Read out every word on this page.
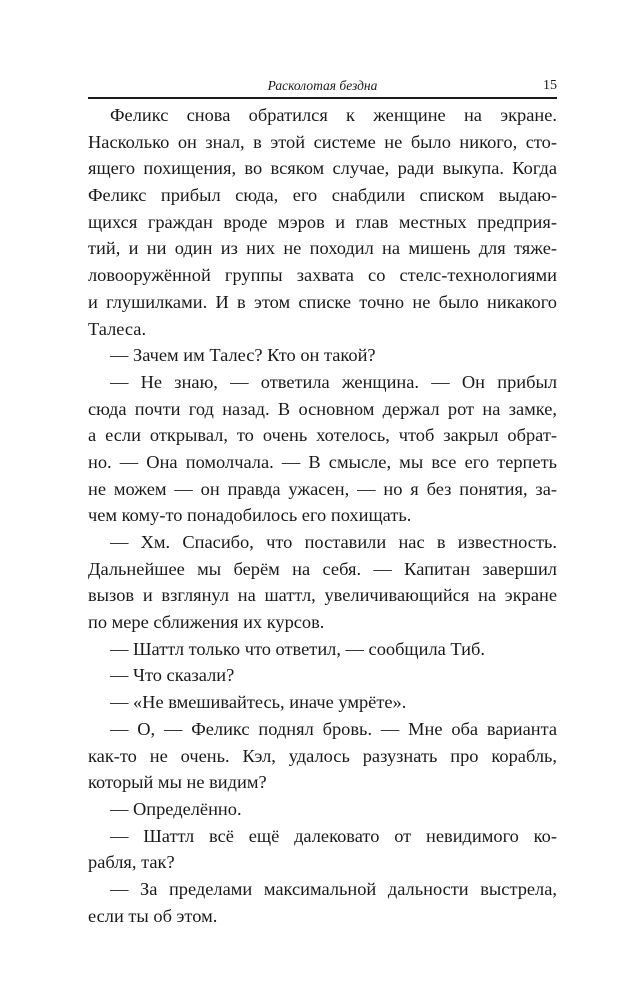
Расколотая бездна	15
Феликс снова обратился к женщине на экране.
Насколько он знал, в этой системе не было никого, сто-
ящего похищения, во всяком случае, ради выкупа. Когда
Феликс прибыл сюда, его снабдили списком выдаю-
щихся граждан вроде мэров и глав местных предприя-
тий, и ни один из них не походил на мишень для тяже-
ловооружённой группы захвата со стелс-технологиями
и глушилками. И в этом списке точно не было никакого
Талеса.
— Зачем им Талес? Кто он такой?
— Не знаю, — ответила женщина. — Он прибыл
сюда почти год назад. В основном держал рот на замке,
а если открывал, то очень хотелось, чтоб закрыл обрат-
но. — Она помолчала. — В смысле, мы все его терпеть
не можем — он правда ужасен, — но я без понятия, за-
чем кому-то понадобилось его похищать.
— Хм. Спасибо, что поставили нас в известность.
Дальнейшее мы берём на себя. — Капитан завершил
вызов и взглянул на шаттл, увеличивающийся на экране
по мере сближения их курсов.
— Шаттл только что ответил, — сообщила Тиб.
— Что сказали?
— «Не вмешивайтесь, иначе умрёте».
— О, — Феликс поднял бровь. — Мне оба варианта
как-то не очень. Кэл, удалось разузнать про корабль,
который мы не видим?
— Определённо.
— Шаттл всё ещё далековато от невидимого ко-
рабля, так?
— За пределами максимальной дальности выстрела,
если ты об этом.
